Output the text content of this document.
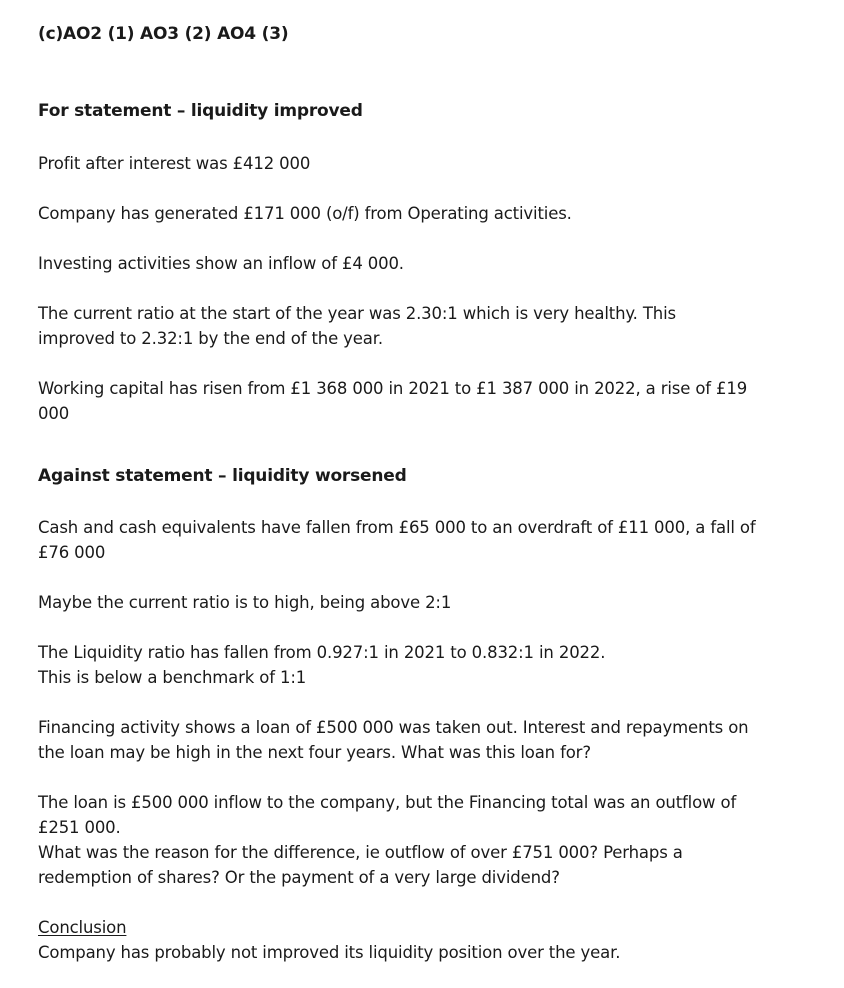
(c)AO2 (1) AO3 (2) AO4 (3)
For statement – liquidity improved
Profit after interest was £412 000
Company has generated £171 000 (o/f) from Operating activities.
Investing activities show an inflow of £4 000.
The current ratio at the start of the year was 2.30:1 which is very healthy. This
improved to 2.32:1 by the end of the year.
Working capital has risen from £1 368 000 in 2021 to £1 387 000 in 2022, a rise of £19
000
Against statement – liquidity worsened
Cash and cash equivalents have fallen from £65 000 to an overdraft of £11 000, a fall of
£76 000
Maybe the current ratio is to high, being above 2:1
The Liquidity ratio has fallen from 0.927:1 in 2021 to 0.832:1 in 2022.
This is below a benchmark of 1:1
Financing activity shows a loan of £500 000 was taken out. Interest and repayments on
the loan may be high in the next four years. What was this loan for?
The loan is £500 000 inflow to the company, but the Financing total was an outflow of
£251 000.
What was the reason for the difference, ie outflow of over £751 000? Perhaps a
redemption of shares? Or the payment of a very large dividend?
Conclusion
Company has probably not improved its liquidity position over the year.
